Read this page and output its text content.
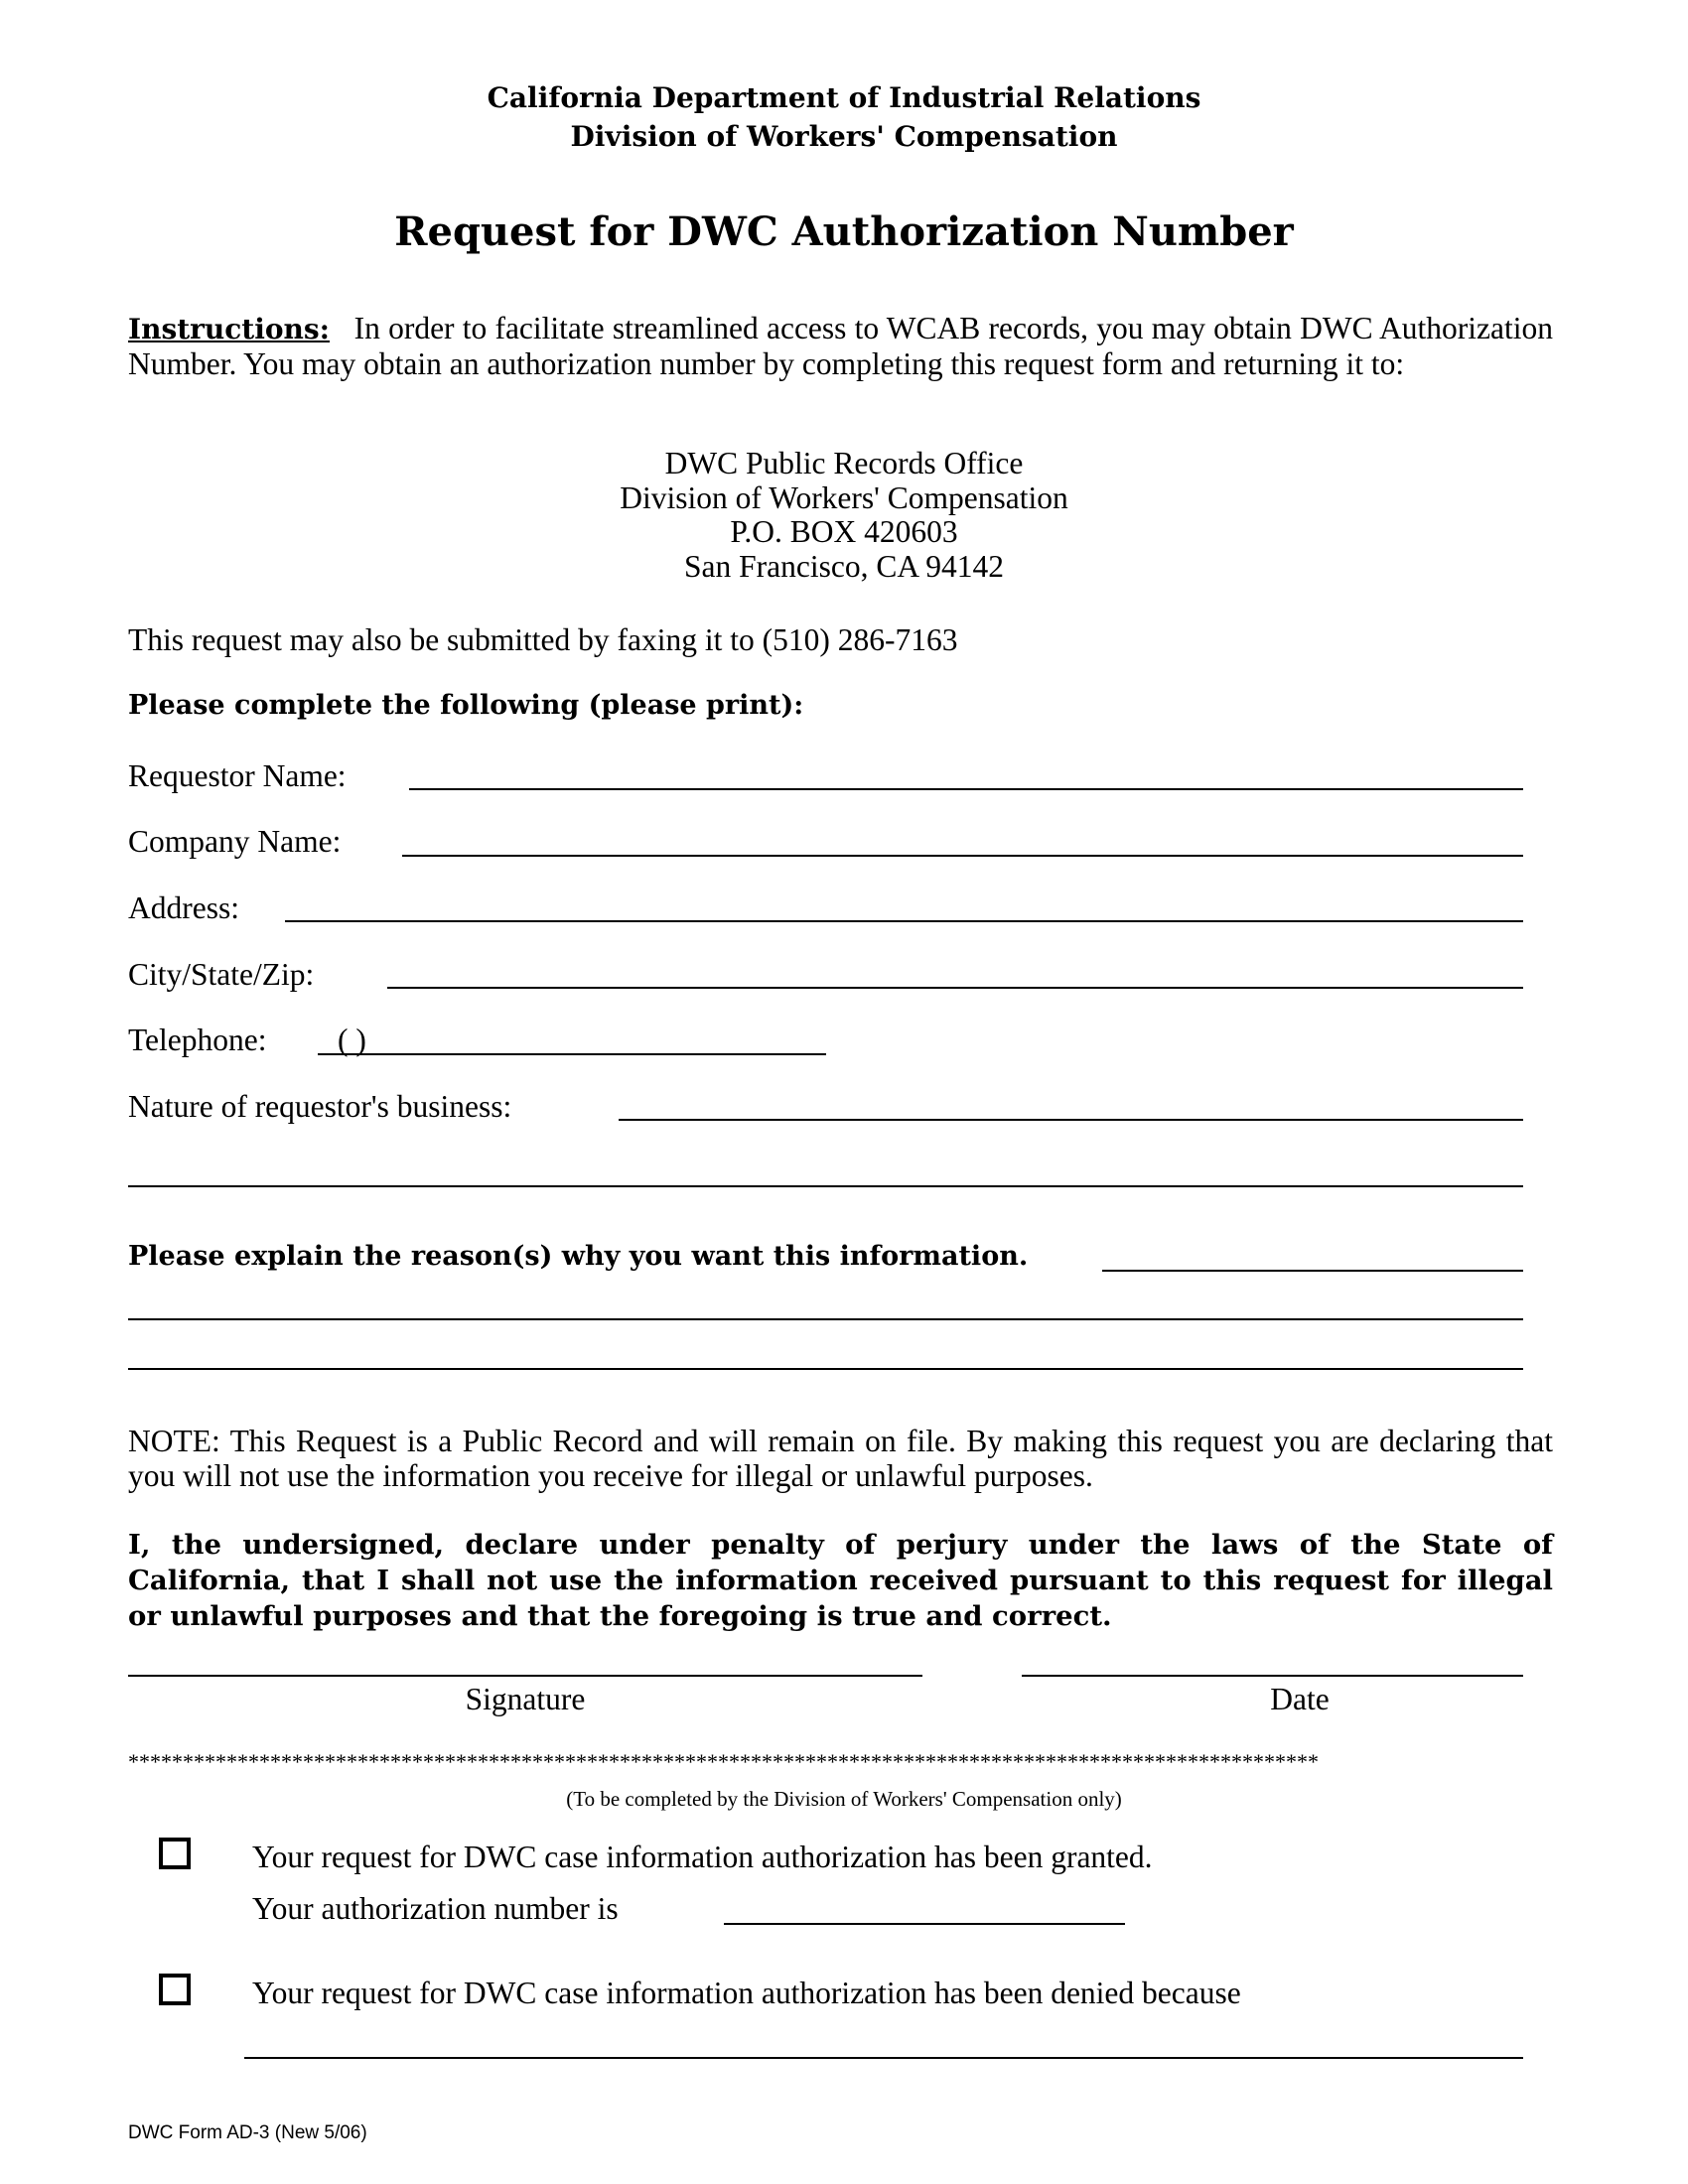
California Department of Industrial Relations
Division of Workers' Compensation
Request for DWC Authorization Number
Instructions: In order to facilitate streamlined access to WCAB records, you may obtain DWC Authorization Number. You may obtain an authorization number by completing this request form and returning it to:
DWC Public Records Office
Division of Workers' Compensation
P.O. BOX 420603
San Francisco, CA 94142
This request may also be submitted by faxing it to (510) 286-7163
Please complete the following (please print):
Requestor Name:
Company Name:
Address:
City/State/Zip:
Telephone: ( )
Nature of requestor's business:
Please explain the reason(s) why you want this information.
NOTE: This Request is a Public Record and will remain on file. By making this request you are declaring that you will not use the information you receive for illegal or unlawful purposes.
I, the undersigned, declare under penalty of perjury under the laws of the State of California, that I shall not use the information received pursuant to this request for illegal or unlawful purposes and that the foregoing is true and correct.
Signature	Date
*************************************************************************************************************
(To be completed by the Division of Workers' Compensation only)
Your request for DWC case information authorization has been granted.
Your authorization number is
Your request for DWC case information authorization has been denied because
DWC Form AD-3 (New 5/06)
